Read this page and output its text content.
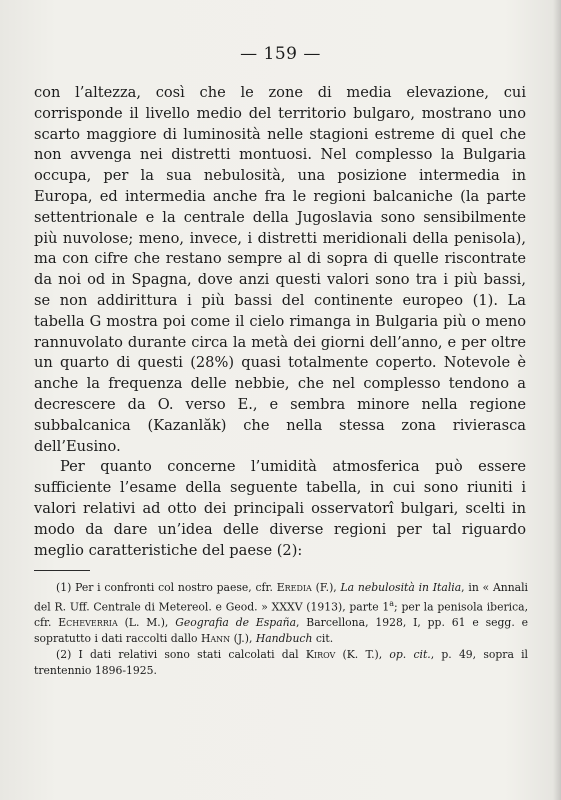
— 159 —

con l’altezza, così che le zone di media elevazione, cui corrisponde il livello medio del territorio bulgaro, mostrano uno scarto maggiore di luminosità nelle stagioni estreme di quel che non avvenga nei distretti montuosi. Nel complesso la Bulgaria occupa, per la sua nebulosità, una posizione intermedia in Europa, ed intermedia anche fra le regioni balcaniche (la parte settentrionale e la centrale della Jugoslavia sono sensibilmente più nuvolose; meno, invece, i distretti meridionali della penisola), ma con cifre che restano sempre al di sopra di quelle riscontrate da noi od in Spagna, dove anzi questi valori sono tra i più bassi, se non addirittura i più bassi del continente europeo (1). La tabella G mostra poi come il cielo rimanga in Bulgaria più o meno rannuvolato durante circa la metà dei giorni dell’anno, e per oltre un quarto di questi (28%) quasi totalmente coperto. Notevole è anche la frequenza delle nebbie, che nel complesso tendono a decrescere da O. verso E., e sembra minore nella regione subbalcanica (Kazanlăk) che nella stessa zona rivierasca dell’Eusino.

Per quanto concerne l’umidità atmosferica può essere sufficiente l’esame della seguente tabella, in cui sono riuniti i valori relativi ad otto dei principali osservatorî bulgari, scelti in modo da dare un’idea delle diverse regioni per tal riguardo meglio caratteristiche del paese (2):

(1) Per i confronti col nostro paese, cfr. Eredia (F.), La nebulosità in Italia, in « Annali del R. Uff. Centrale di Metereol. e Geod. » XXXV (1913), parte 1$^a$; per la penisola iberica, cfr. Echeverria (L. M.), Geografia de España, Barcellona, 1928, I, pp. 61 e segg. e sopratutto i dati raccolti dallo Hann (J.), Handbuch cit.

(2) I dati relativi sono stati calcolati dal Kirov (K. T.), op. cit., p. 49, sopra il trentennio 1896-1925.
